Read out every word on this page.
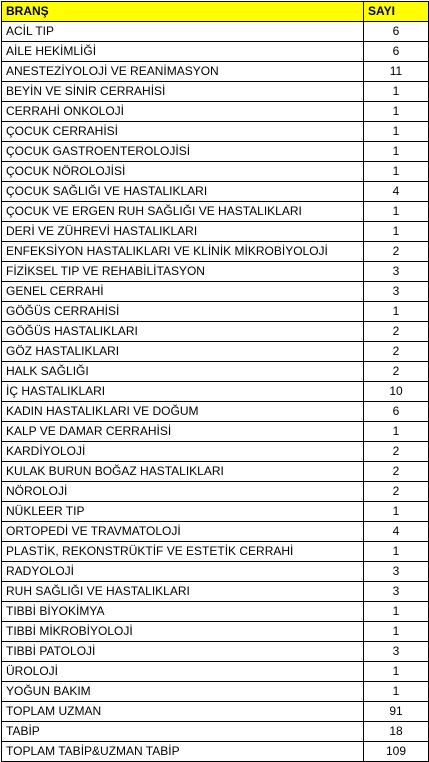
BRANŞ	SAYI
ACİL TIP	6
AİLE HEKİMLİĞİ	6
ANESTEZİYOLOJİ VE REANİMASYON	11
BEYİN VE SİNİR CERRAHİSİ	1
CERRAHİ ONKOLOJİ	1
ÇOCUK CERRAHİSİ	1
ÇOCUK GASTROENTEROLOJİSİ	1
ÇOCUK NÖROLOJİSİ	1
ÇOCUK SAĞLIĞI VE HASTALIKLARI	4
ÇOCUK VE ERGEN RUH SAĞLIĞI VE HASTALIKLARI	1
DERİ VE ZÜHREVİ HASTALIKLARI	1
ENFEKSİYON HASTALIKLARI VE KLİNİK MİKROBİYOLOJİ	2
FİZİKSEL TIP VE REHABİLİTASYON	3
GENEL CERRAHİ	3
GÖĞÜS CERRAHİSİ	1
GÖĞÜS HASTALIKLARI	2
GÖZ HASTALIKLARI	2
HALK SAĞLIĞI	2
İÇ HASTALIKLARI	10
KADIN HASTALIKLARI VE DOĞUM	6
KALP VE DAMAR CERRAHİSİ	1
KARDİYOLOJİ	2
KULAK BURUN BOĞAZ HASTALIKLARI	2
NÖROLOJİ	2
NÜKLEER TIP	1
ORTOPEDİ VE TRAVMATOLOJİ	4
PLASTİK, REKONSTRÜKTİF VE ESTETİK CERRAHİ	1
RADYOLOJİ	3
RUH SAĞLIĞI VE HASTALIKLARI	3
TIBBİ BİYOKİMYA	1
TIBBİ MİKROBİYOLOJİ	1
TIBBİ PATOLOJİ	3
ÜROLOJİ	1
YOĞUN BAKIM	1
TOPLAM UZMAN	91
TABİP	18
TOPLAM TABİP&UZMAN TABİP	109
